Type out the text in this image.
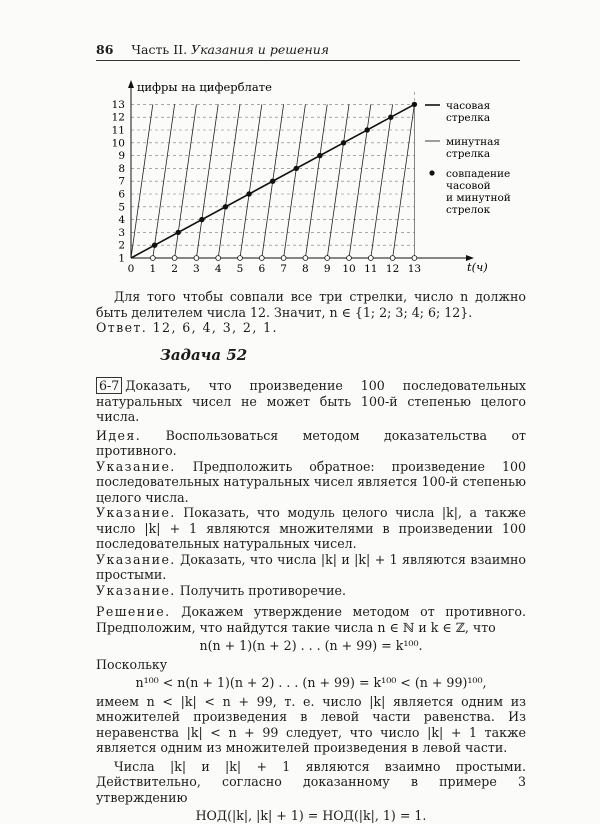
86 Часть II. Указания и решения
0 1 2 3 4 5 6 7 8 9 10 11 12 13
1
2
3
4
5
6
7
8
9
10
11
12
13
цифры на циферблате
t(ч)
часовая стрелка
минутная стрелка
совпадение часовой и минутной стрелок

Для того чтобы совпали все три стрелки, число n должно быть делителем числа 12. Значит, n ∈ {1; 2; 3; 4; 6; 12}.

Ответ. 12, 6, 4, 3, 2, 1.

Задача 52

6-7 Доказать, что произведение 100 последовательных натуральных чисел не может быть 100-й степенью целого числа.

Идея. Воспользоваться методом доказательства от противного.

Указание. Предположить обратное: произведение 100 последовательных натуральных чисел является 100-й степенью целого числа.

Указание. Показать, что модуль целого числа |k|, а также число |k| + 1 являются множителями в произведении 100 последовательных натуральных чисел.

Указание. Доказать, что числа |k| и |k| + 1 являются взаимно простыми.

Указание. Получить противоречие.

Решение. Докажем утверждение методом от противного. Предположим, что найдутся такие числа n ∈ ℕ и k ∈ ℤ, что

n(n + 1)(n + 2) . . . (n + 99) = k¹⁰⁰.

Поскольку

n¹⁰⁰ < n(n + 1)(n + 2) . . . (n + 99) = k¹⁰⁰ < (n + 99)¹⁰⁰,

имеем n < |k| < n + 99, т. е. число |k| является одним из множителей произведения в левой части равенства. Из неравенства |k| < n + 99 следует, что число |k| + 1 также является одним из множителей произведения в левой части.

Числа |k| и |k| + 1 являются взаимно простыми. Действительно, согласно доказанному в примере 3 утверждению

НОД(|k|, |k| + 1) = НОД(|k|, 1) = 1.
